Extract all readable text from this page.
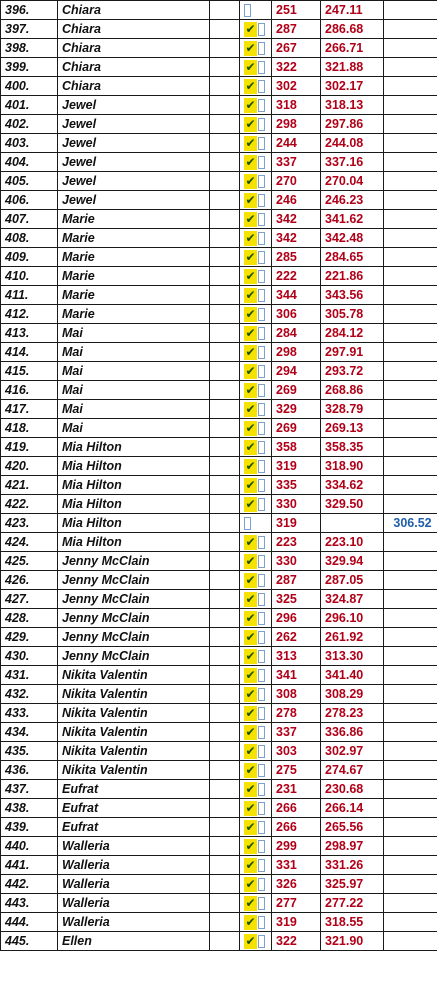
396.	Chiara			251	247.11	
397.	Chiara		✔	287	286.68	
398.	Chiara		✔	267	266.71	
399.	Chiara		✔	322	321.88	
400.	Chiara		✔	302	302.17	
401.	Jewel		✔	318	318.13	
402.	Jewel		✔	298	297.86	
403.	Jewel		✔	244	244.08	
404.	Jewel		✔	337	337.16	
405.	Jewel		✔	270	270.04	
406.	Jewel		✔	246	246.23	
407.	Marie		✔	342	341.62	
408.	Marie		✔	342	342.48	
409.	Marie		✔	285	284.65	
410.	Marie		✔	222	221.86	
411.	Marie		✔	344	343.56	
412.	Marie		✔	306	305.78	
413.	Mai		✔	284	284.12	
414.	Mai		✔	298	297.91	
415.	Mai		✔	294	293.72	
416.	Mai		✔	269	268.86	
417.	Mai		✔	329	328.79	
418.	Mai		✔	269	269.13	
419.	Mia Hilton		✔	358	358.35	
420.	Mia Hilton		✔	319	318.90	
421.	Mia Hilton		✔	335	334.62	
422.	Mia Hilton		✔	330	329.50	
423.	Mia Hilton			319		306.52
424.	Mia Hilton		✔	223	223.10	
425.	Jenny McClain		✔	330	329.94	
426.	Jenny McClain		✔	287	287.05	
427.	Jenny McClain		✔	325	324.87	
428.	Jenny McClain		✔	296	296.10	
429.	Jenny McClain		✔	262	261.92	
430.	Jenny McClain		✔	313	313.30	
431.	Nikita Valentin		✔	341	341.40	
432.	Nikita Valentin		✔	308	308.29	
433.	Nikita Valentin		✔	278	278.23	
434.	Nikita Valentin		✔	337	336.86	
435.	Nikita Valentin		✔	303	302.97	
436.	Nikita Valentin		✔	275	274.67	
437.	Eufrat		✔	231	230.68	
438.	Eufrat		✔	266	266.14	
439.	Eufrat		✔	266	265.56	
440.	Walleria		✔	299	298.97	
441.	Walleria		✔	331	331.26	
442.	Walleria		✔	326	325.97	
443.	Walleria		✔	277	277.22	
444.	Walleria		✔	319	318.55	
445.	Ellen		✔	322	321.90	
